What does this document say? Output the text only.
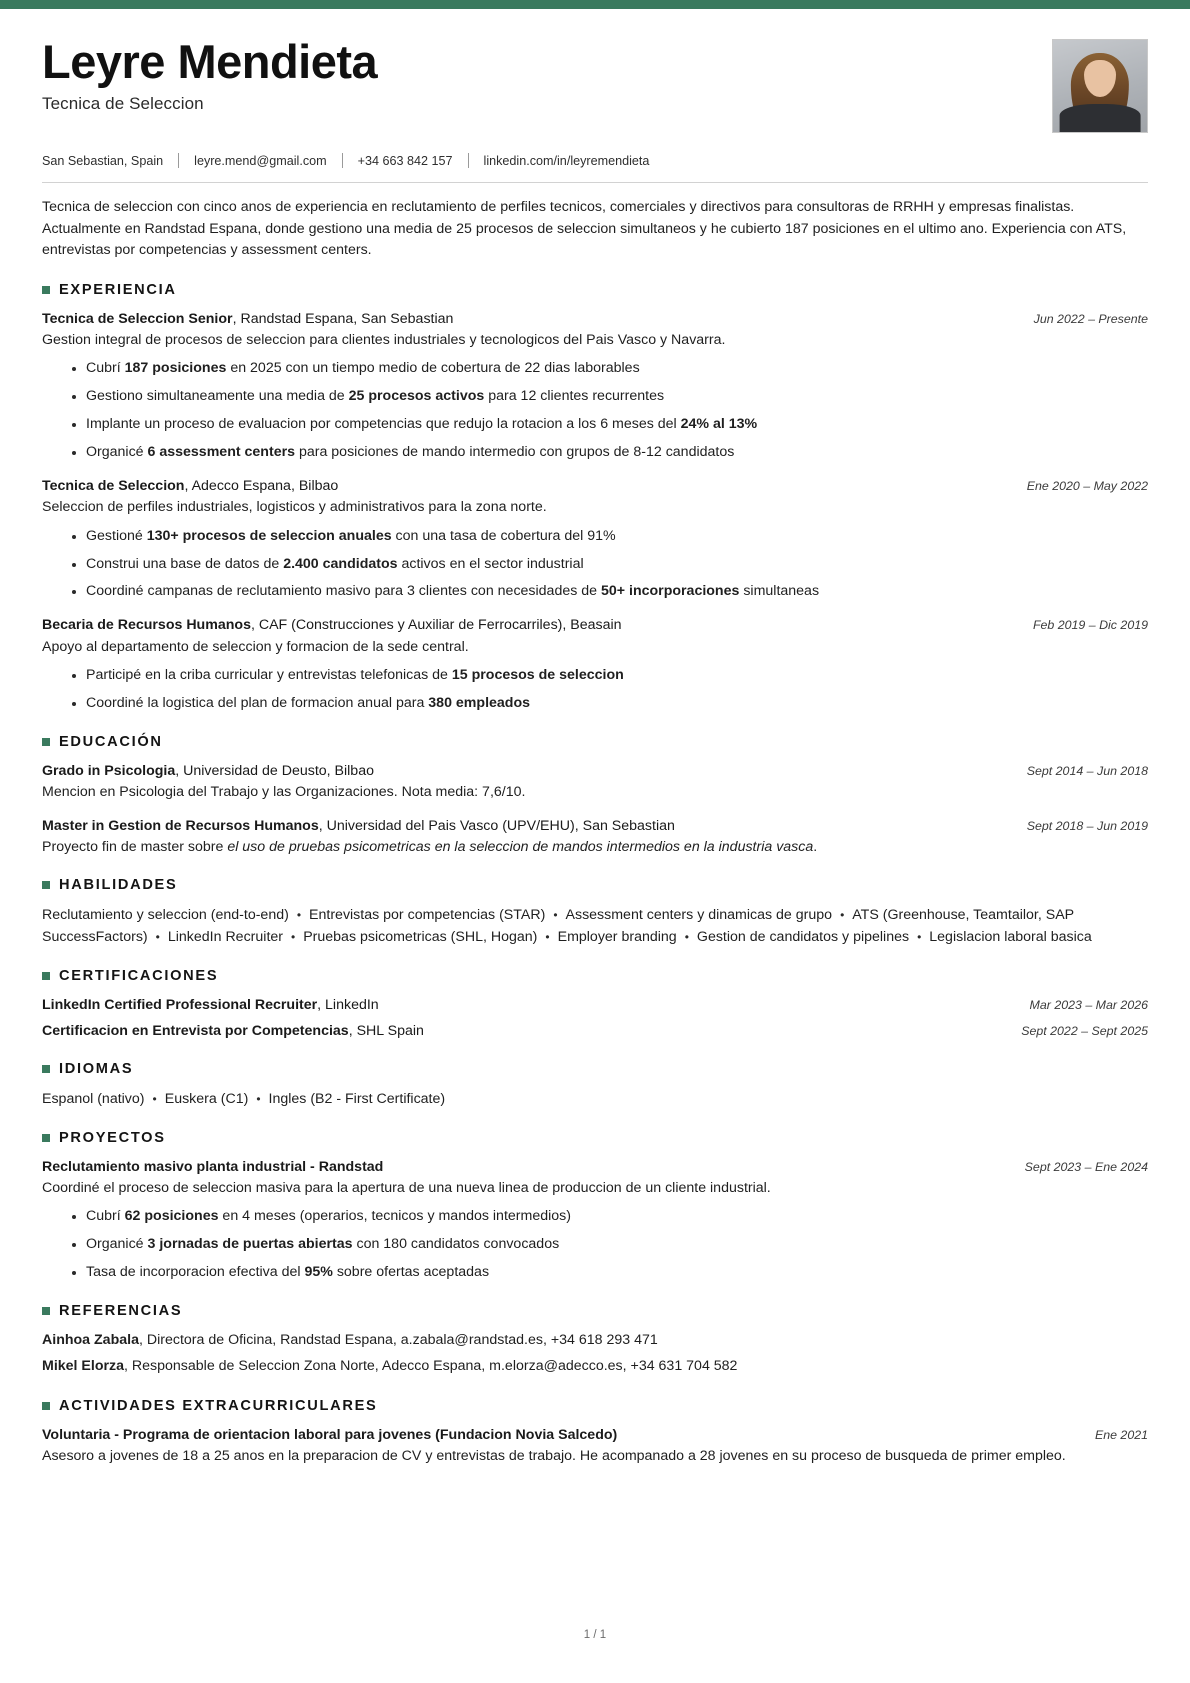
Leyre Mendieta
Tecnica de Seleccion
San Sebastian, Spain leyre.mend@gmail.com +34 663 842 157 linkedin.com/in/leyremendieta
Tecnica de seleccion con cinco anos de experiencia en reclutamiento de perfiles tecnicos, comerciales y directivos para consultoras de RRHH y empresas finalistas. Actualmente en Randstad Espana, donde gestiono una media de 25 procesos de seleccion simultaneos y he cubierto 187 posiciones en el ultimo ano. Experiencia con ATS, entrevistas por competencias y assessment centers.
EXPERIENCIA
Tecnica de Seleccion Senior, Randstad Espana, San Sebastian	Jun 2022 – Presente
Gestion integral de procesos de seleccion para clientes industriales y tecnologicos del Pais Vasco y Navarra.
Cubrí 187 posiciones en 2025 con un tiempo medio de cobertura de 22 dias laborables
Gestiono simultaneamente una media de 25 procesos activos para 12 clientes recurrentes
Implante un proceso de evaluacion por competencias que redujo la rotacion a los 6 meses del 24% al 13%
Organicé 6 assessment centers para posiciones de mando intermedio con grupos de 8-12 candidatos
Tecnica de Seleccion, Adecco Espana, Bilbao	Ene 2020 – May 2022
Seleccion de perfiles industriales, logisticos y administrativos para la zona norte.
Gestioné 130+ procesos de seleccion anuales con una tasa de cobertura del 91%
Construi una base de datos de 2.400 candidatos activos en el sector industrial
Coordiné campanas de reclutamiento masivo para 3 clientes con necesidades de 50+ incorporaciones simultaneas
Becaria de Recursos Humanos, CAF (Construcciones y Auxiliar de Ferrocarriles), Beasain	Feb 2019 – Dic 2019
Apoyo al departamento de seleccion y formacion de la sede central.
Participé en la criba curricular y entrevistas telefonicas de 15 procesos de seleccion
Coordiné la logistica del plan de formacion anual para 380 empleados
EDUCACIÓN
Grado in Psicologia, Universidad de Deusto, Bilbao	Sept 2014 – Jun 2018
Mencion en Psicologia del Trabajo y las Organizaciones. Nota media: 7,6/10.
Master in Gestion de Recursos Humanos, Universidad del Pais Vasco (UPV/EHU), San Sebastian	Sept 2018 – Jun 2019
Proyecto fin de master sobre el uso de pruebas psicometricas en la seleccion de mandos intermedios en la industria vasca.
HABILIDADES
Reclutamiento y seleccion (end-to-end) • Entrevistas por competencias (STAR) • Assessment centers y dinamicas de grupo • ATS (Greenhouse, Teamtailor, SAP SuccessFactors) • LinkedIn Recruiter • Pruebas psicometricas (SHL, Hogan) • Employer branding • Gestion de candidatos y pipelines • Legislacion laboral basica
CERTIFICACIONES
LinkedIn Certified Professional Recruiter, LinkedIn	Mar 2023 – Mar 2026
Certificacion en Entrevista por Competencias, SHL Spain	Sept 2022 – Sept 2025
IDIOMAS
Espanol (nativo) • Euskera (C1) • Ingles (B2 - First Certificate)
PROYECTOS
Reclutamiento masivo planta industrial - Randstad	Sept 2023 – Ene 2024
Coordiné el proceso de seleccion masiva para la apertura de una nueva linea de produccion de un cliente industrial.
Cubrí 62 posiciones en 4 meses (operarios, tecnicos y mandos intermedios)
Organicé 3 jornadas de puertas abiertas con 180 candidatos convocados
Tasa de incorporacion efectiva del 95% sobre ofertas aceptadas
REFERENCIAS
Ainhoa Zabala, Directora de Oficina, Randstad Espana, a.zabala@randstad.es, +34 618 293 471
Mikel Elorza, Responsable de Seleccion Zona Norte, Adecco Espana, m.elorza@adecco.es, +34 631 704 582
ACTIVIDADES EXTRACURRICULARES
Voluntaria - Programa de orientacion laboral para jovenes (Fundacion Novia Salcedo)	Ene 2021
Asesoro a jovenes de 18 a 25 anos en la preparacion de CV y entrevistas de trabajo. He acompanado a 28 jovenes en su proceso de busqueda de primer empleo.
1 / 1
